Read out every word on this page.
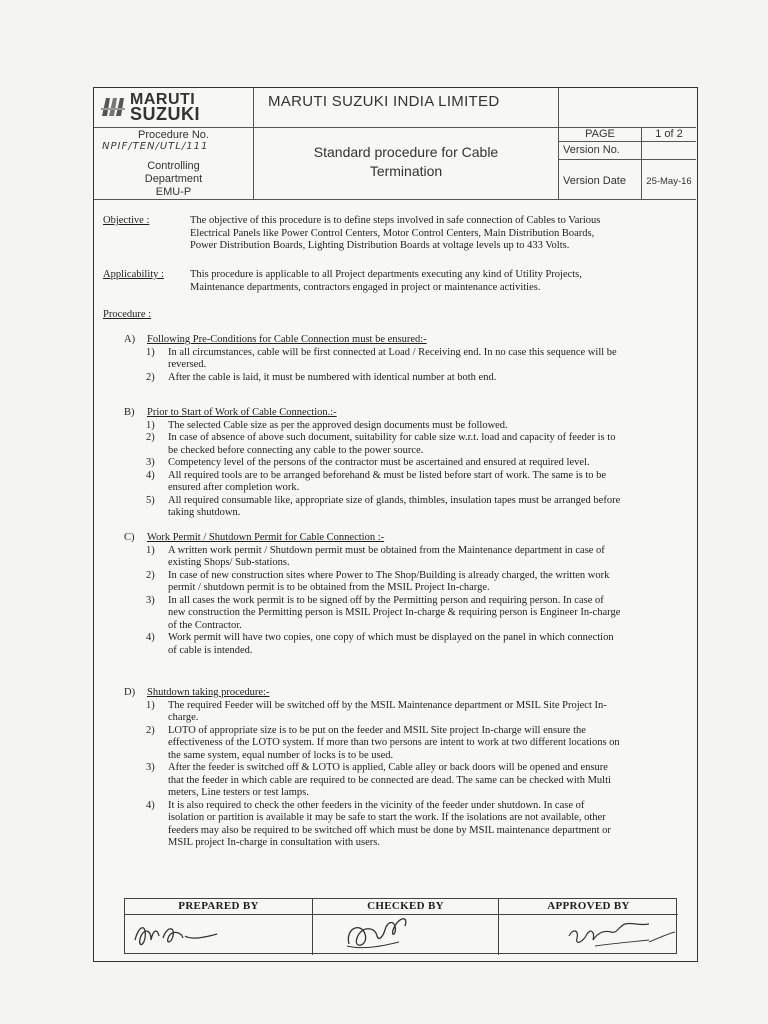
MARUTI
SUZUKI
MARUTI SUZUKI INDIA LIMITED
Procedure No.
NPIF/TEN/UTL/111
Controlling
Department
EMU-P
Standard procedure for Cable
Termination
PAGE	1 of 2
Version No.
Version Date	25-May-16
Objective :	The objective of this procedure is to define steps involved in safe connection of Cables to Various
Electrical Panels like Power Control Centers, Motor Control Centers, Main Distribution Boards,
Power Distribution Boards, Lighting Distribution Boards at voltage levels up to 433 Volts.
Applicability : This procedure is applicable to all Project departments executing any kind of Utility Projects,
Maintenance departments, contractors engaged in project or maintenance activities.
Procedure :
A) Following Pre-Conditions for Cable Connection must be ensured:-
1) In all circumstances, cable will be first connected at Load / Receiving end. In no case this sequence will be
reversed.
2) After the cable is laid, it must be numbered with identical number at both end.
B) Prior to Start of Work of Cable Connection.:-
1) The selected Cable size as per the approved design documents must be followed.
2) In case of absence of above such document, suitability for cable size w.r.t. load and capacity of feeder is to
be checked before connecting any cable to the power source.
3) Competency level of the persons of the contractor must be ascertained and ensured at required level.
4) All required tools are to be arranged beforehand & must be listed before start of work. The same is to be
ensured after completion work.
5) All required consumable like, appropriate size of glands, thimbles, insulation tapes must be arranged before
taking shutdown.
C) Work Permit / Shutdown Permit for Cable Connection :-
1) A written work permit / Shutdown permit must be obtained from the Maintenance department in case of
existing Shops/ Sub-stations.
2) In case of new construction sites where Power to The Shop/Building is already charged, the written work
permit / shutdown permit is to be obtained from the MSIL Project In-charge.
3) In all cases the work permit is to be signed off by the Permitting person and requiring person. In case of
new construction the Permitting person is MSIL Project In-charge & requiring person is Engineer In-charge
of the Contractor.
4) Work permit will have two copies, one copy of which must be displayed on the panel in which connection
of cable is intended.
D) Shutdown taking procedure:-
1) The required Feeder will be switched off by the MSIL Maintenance department or MSIL Site Project In-
charge.
2) LOTO of appropriate size is to be put on the feeder and MSIL Site project In-charge will ensure the
effectiveness of the LOTO system. If more than two persons are intent to work at two different locations on
the same system, equal number of locks is to be used.
3) After the feeder is switched off & LOTO is applied, Cable alley or back doors will be opened and ensure
that the feeder in which cable are required to be connected are dead. The same can be checked with Multi
meters, Line testers or test lamps.
4) It is also required to check the other feeders in the vicinity of the feeder under shutdown. In case of
isolation or partition is available it may be safe to start the work. If the isolations are not available, other
feeders may also be required to be switched off which must be done by MSIL maintenance department or
MSIL project In-charge in consultation with users.
PREPARED BY	CHECKED BY	APPROVED BY
